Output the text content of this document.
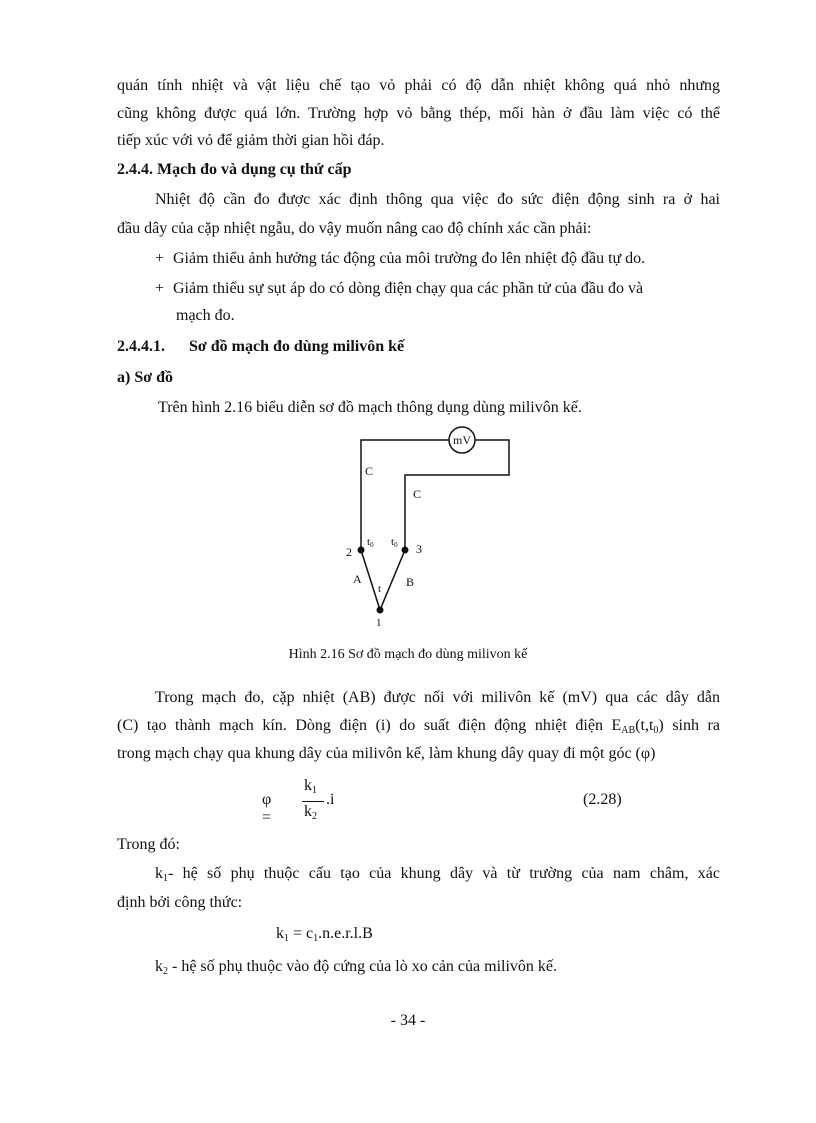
quán tính nhiệt và vật liệu chế tạo vỏ phải có độ dẫn nhiệt không quá nhỏ nhưng
cũng không được quá lớn. Trường hợp vỏ bằng thép, mối hàn ở đầu làm việc có thể
tiếp xúc với vỏ để giảm thời gian hồi đáp.
2.4.4. Mạch đo và dụng cụ thứ cấp
Nhiệt độ cần đo được xác định thông qua việc đo sức điện động sinh ra ở hai
đầu dây của cặp nhiệt ngẫu, do vậy muốn nâng cao độ chính xác cần phải:
+ Giảm thiểu ảnh hưởng tác động của môi trường đo lên nhiệt độ đầu tự do.
+ Giảm thiểu sự sụt áp do có dòng điện chạy qua các phần tử của đầu đo và
mạch đo.
2.4.4.1. Sơ đồ mạch đo dùng milivôn kế
a) Sơ đồ
Trên hình 2.16 biểu diễn sơ đồ mạch thông dụng dùng milivôn kế.
mV
C
C
2	3
1
t0 t0
A	B
t
Hình 2.16 Sơ đồ mạch đo dùng milivon kế
Trong mạch đo, cặp nhiệt (AB) được nối với milivôn kế (mV) qua các dây dẫn
(C) tạo thành mạch kín. Dòng điện (i) do suất điện động nhiệt điện $E_{AB}(t,t_0)$ sinh ra
trong mạch chạy qua khung dây của milivôn kế, làm khung dây quay đi một góc (φ)
φ =
$k_1$
$k_2$
.i	(2.28)
Trong đó:
$k_1-$ hệ số phụ thuộc cấu tạo của khung dây và từ trường của nam châm, xác
định bởi công thức:
$k_1 = c_1.n.e.r.l.B$
$k_2$ - hệ số phụ thuộc vào độ cứng của lò xo cản của milivôn kế.
- 34 -
